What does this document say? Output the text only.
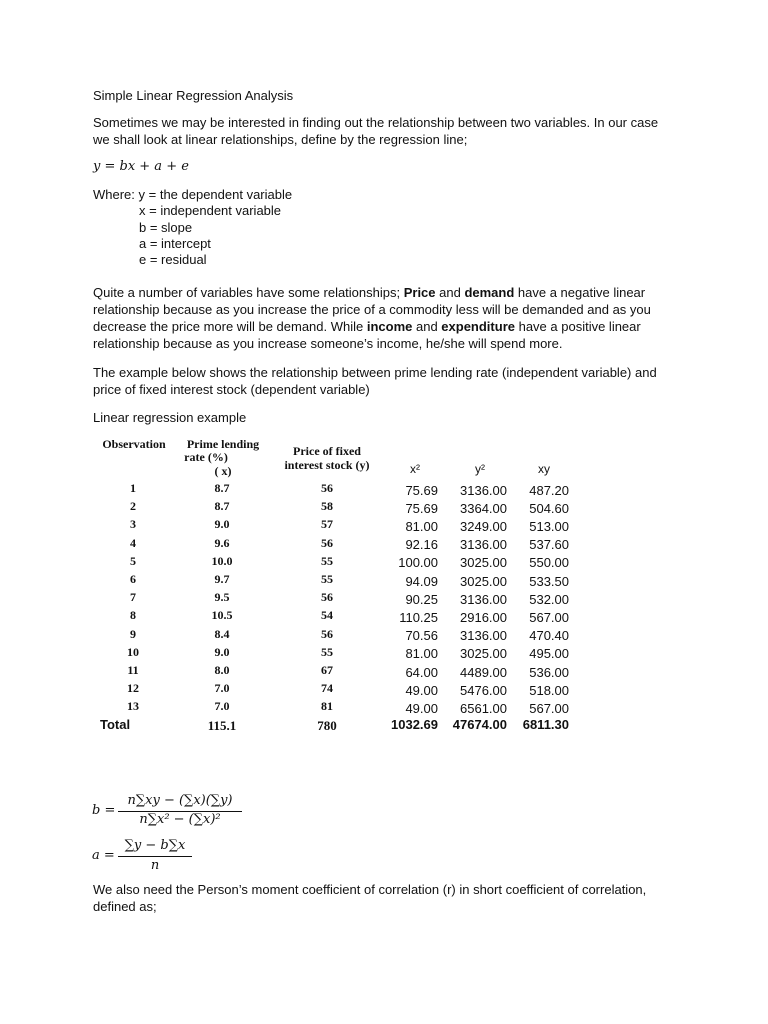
Simple Linear Regression Analysis
Sometimes we may be interested in finding out the relationship between two variables. In our case we shall look at linear relationships, define by the regression line;
y = bx + a + e
Where: y = the dependent variable
x = independent variable
b = slope
a = intercept
e = residual
Quite a number of variables have some relationships; Price and demand have a negative linear relationship because as you increase the price of a commodity less will be demanded and as you decrease the price more will be demand. While income and expenditure have a positive linear relationship because as you increase someone’s income, he/she will spend more.
The example below shows the relationship between prime lending rate (independent variable) and price of fixed interest stock (dependent variable)
Linear regression example
Observation	Prime lending
rate (%)
( x)
Price of fixed
interest stock (y)	x²	y²	xy
1	8.7	56	75.69	3136.00	487.20
2	8.7	58	75.69	3364.00	504.60
3	9.0	57	81.00	3249.00	513.00
4	9.6	56	92.16	3136.00	537.60
5	10.0	55	100.00	3025.00	550.00
6	9.7	55	94.09	3025.00	533.50
7	9.5	56	90.25	3136.00	532.00
8	10.5	54	110.25	2916.00	567.00
9	8.4	56	70.56	3136.00	470.40
10	9.0	55	81.00	3025.00	495.00
11	8.0	67	64.00	4489.00	536.00
12	7.0	74	49.00	5476.00	518.00
13	7.0	81	49.00	6561.00	567.00
Total	115.1	780	1032.69	47674.00	6811.30
b =
n∑xy − (∑x)(∑y)
n∑x² − (∑x)²
a =
∑y − b∑x
n
We also need the Person’s moment coefficient of correlation (r) in short coefficient of correlation, defined as;
